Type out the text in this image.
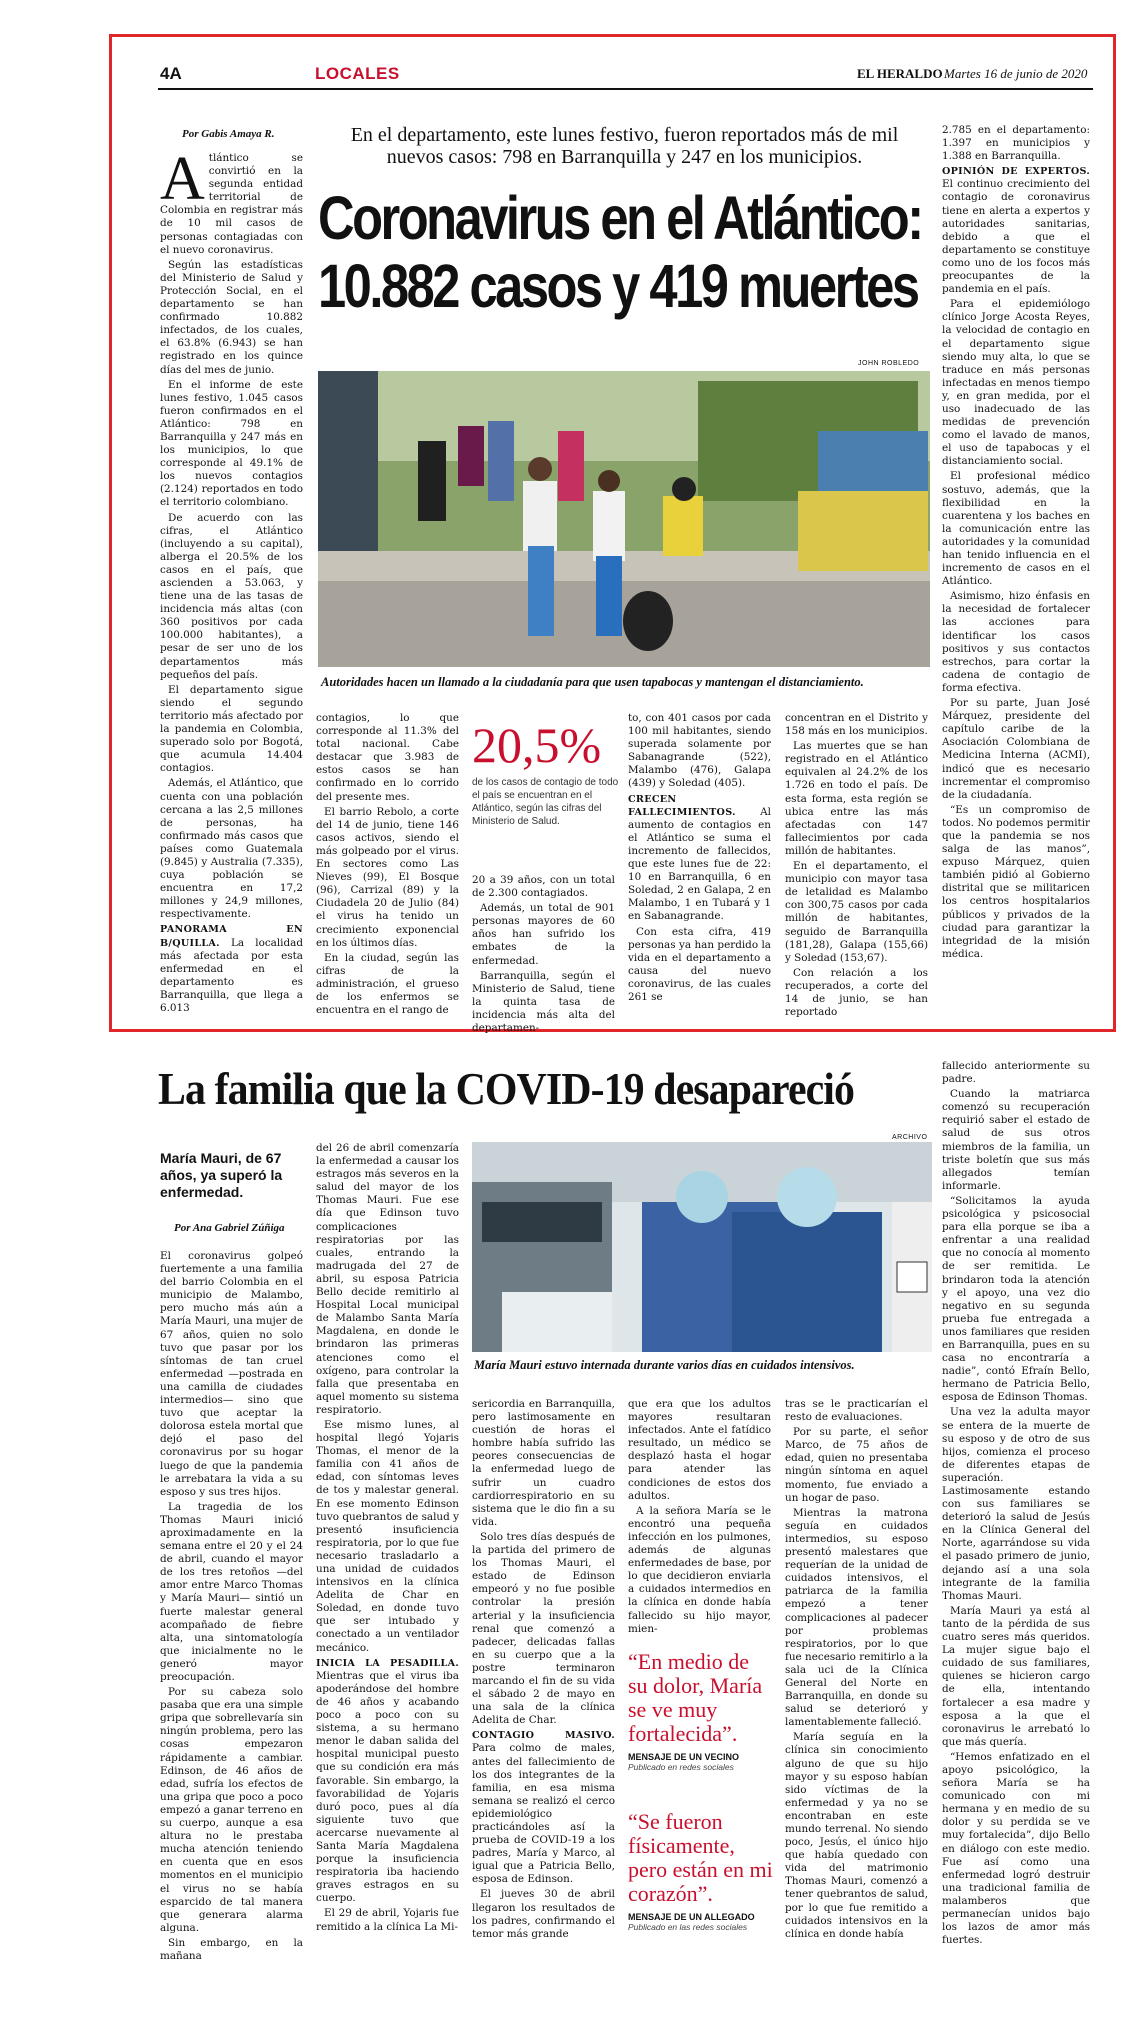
4A	LOCALES	EL HERALDO Martes 16 de junio de 2020
Por Gabis Amaya R.	En el departamento, este lunes festivo, fueron reportados más de mil nuevos casos: 798 en Barranquilla y 247 en los municipios.
Coronavirus en el Atlántico:
10.882 casos y 419 muertes

Atlántico se convirtió en la segunda entidad territorial de Colombia en registrar más de 10 mil casos de personas contagiadas con el nuevo coronavirus.

Según las estadísticas del Ministerio de Salud y Protección Social, en el departamento se han confirmado 10.882 infectados, de los cuales, el 63.8% (6.943) se han registrado en los quince días del mes de junio.

En el informe de este lunes festivo, 1.045 casos fueron confirmados en el Atlántico: 798 en Barranquilla y 247 más en los municipios, lo que corresponde al 49.1% de los nuevos contagios (2.124) reportados en todo el territorio colombiano.

De acuerdo con las cifras, el Atlántico (incluyendo a su capital), alberga el 20.5% de los casos en el país, que ascienden a 53.063, y tiene una de las tasas de incidencia más altas (con 360 positivos por cada 100.000 habitantes), a pesar de ser uno de los departamentos más pequeños del país.

El departamento sigue siendo el segundo territorio más afectado por la pandemia en Colombia, superado solo por Bogotá, que acumula 14.404 contagios.

Además, el Atlántico, que cuenta con una población cercana a las 2,5 millones de personas, ha confirmado más casos que países como Guatemala (9.845) y Australia (7.335), cuya población se encuentra en 17,2 millones y 24,9 millones, respectivamente.

PANORAMA EN B/QUILLA. La localidad más afectada por esta enfermedad en el departamento es Barranquilla, que llega a 6.013

JOHN ROBLEDO
Autoridades hacen un llamado a la ciudadanía para que usen tapabocas y mantengan el distanciamiento.

contagios, lo que corresponde al 11.3% del total nacional. Cabe destacar que 3.983 de estos casos se han confirmado en lo corrido del presente mes.

El barrio Rebolo, a corte del 14 de junio, tiene 146 casos activos, siendo el más golpeado por el virus. En sectores como Las Nieves (99), El Bosque (96), Carrizal (89) y la Ciudadela 20 de Julio (84) el virus ha tenido un crecimiento exponencial en los últimos días.

En la ciudad, según las cifras de la administración, el grueso de los enfermos se encuentra en el rango de

20,5%
de los casos de contagio de todo el país se encuentran en el Atlántico, según las cifras del Ministerio de Salud.

20 a 39 años, con un total de 2.300 contagiados.

Además, un total de 901 personas mayores de 60 años han sufrido los embates de la enfermedad.

Barranquilla, según el Ministerio de Salud, tiene la quinta tasa de incidencia más alta del departamen-

to, con 401 casos por cada 100 mil habitantes, siendo superada solamente por Sabanagrande (522), Malambo (476), Galapa (439) y Soledad (405).

CRECEN FALLECIMIENTOS. Al aumento de contagios en el Atlántico se suma el incremento de fallecidos, que este lunes fue de 22: 10 en Barranquilla, 6 en Soledad, 2 en Galapa, 2 en Malambo, 1 en Tubará y 1 en Sabanagrande.

Con esta cifra, 419 personas ya han perdido la vida en el departamento a causa del nuevo coronavirus, de las cuales 261 se

concentran en el Distrito y 158 más en los municipios.

Las muertes que se han registrado en el Atlántico equivalen al 24.2% de los 1.726 en todo el país. De esta forma, esta región se ubica entre las más afectadas con 147 fallecimientos por cada millón de habitantes.

En el departamento, el municipio con mayor tasa de letalidad es Malambo con 300,75 casos por cada millón de habitantes, seguido de Barranquilla (181,28), Galapa (155,66) y Soledad (153,67).

Con relación a los recuperados, a corte del 14 de junio, se han reportado

2.785 en el departamento: 1.397 en municipios y 1.388 en Barranquilla.

OPINIÓN DE EXPERTOS. El continuo crecimiento del contagio de coronavirus tiene en alerta a expertos y autoridades sanitarias, debido a que el departamento se constituye como uno de los focos más preocupantes de la pandemia en el país.

Para el epidemiólogo clínico Jorge Acosta Reyes, la velocidad de contagio en el departamento sigue siendo muy alta, lo que se traduce en más personas infectadas en menos tiempo y, en gran medida, por el uso inadecuado de las medidas de prevención como el lavado de manos, el uso de tapabocas y el distanciamiento social.

El profesional médico sostuvo, además, que la flexibilidad en la cuarentena y los baches en la comunicación entre las autoridades y la comunidad han tenido influencia en el incremento de casos en el Atlántico.

Asimismo, hizo énfasis en la necesidad de fortalecer las acciones para identificar los casos positivos y sus contactos estrechos, para cortar la cadena de contagio de forma efectiva.

Por su parte, Juan José Márquez, presidente del capítulo caribe de la Asociación Colombiana de Medicina Interna (ACMI), indicó que es necesario incrementar el compromiso de la ciudadanía.

“Es un compromiso de todos. No podemos permitir que la pandemia se nos salga de las manos”, expuso Márquez, quien también pidió al Gobierno distrital que se militaricen los centros hospitalarios públicos y privados de la ciudad para garantizar la integridad de la misión médica.

La familia que la COVID-19 desapareció
María Mauri, de 67 años, ya superó la enfermedad.
Por Ana Gabriel Zúñiga

El coronavirus golpeó fuertemente a una familia del barrio Colombia en el municipio de Malambo, pero mucho más aún a María Mauri, una mujer de 67 años, quien no solo tuvo que pasar por los síntomas de tan cruel enfermedad —postrada en una camilla de ciudades intermedios— sino que tuvo que aceptar la dolorosa estela mortal que dejó el paso del coronavirus por su hogar luego de que la pandemia le arrebatara la vida a su esposo y sus tres hijos.

La tragedia de los Thomas Mauri inició aproximadamente en la semana entre el 20 y el 24 de abril, cuando el mayor de los tres retoños —del amor entre Marco Thomas y María Mauri— sintió un fuerte malestar general acompañado de fiebre alta, una sintomatología que inicialmente no le generó mayor preocupación.

Por su cabeza solo pasaba que era una simple gripa que sobrellevaría sin ningún problema, pero las cosas empezaron rápidamente a cambiar. Edinson, de 46 años de edad, sufría los efectos de una gripa que poco a poco empezó a ganar terreno en su cuerpo, aunque a esa altura no le prestaba mucha atención teniendo en cuenta que en esos momentos en el municipio el virus no se había esparcido de tal manera que generara alarma alguna.

Sin embargo, en la mañana

del 26 de abril comenzaría la enfermedad a causar los estragos más severos en la salud del mayor de los Thomas Mauri. Fue ese día que Edinson tuvo complicaciones respiratorias por las cuales, entrando la madrugada del 27 de abril, su esposa Patricia Bello decide remitirlo al Hospital Local municipal de Malambo Santa María Magdalena, en donde le brindaron las primeras atenciones como el oxígeno, para controlar la falla que presentaba en aquel momento su sistema respiratorio.

Ese mismo lunes, al hospital llegó Yojaris Thomas, el menor de la familia con 41 años de edad, con síntomas leves de tos y malestar general. En ese momento Edinson tuvo quebrantos de salud y presentó insuficiencia respiratoria, por lo que fue necesario trasladarlo a una unidad de cuidados intensivos en la clínica Adelita de Char en Soledad, en donde tuvo que ser intubado y conectado a un ventilador mecánico.

INICIA LA PESADILLA. Mientras que el virus iba apoderándose del hombre de 46 años y acabando poco a poco con su sistema, a su hermano menor le daban salida del hospital municipal puesto que su condición era más favorable. Sin embargo, la favorabilidad de Yojaris duró poco, pues al día siguiente tuvo que acercarse nuevamente al Santa María Magdalena porque la insuficiencia respiratoria iba haciendo graves estragos en su cuerpo.

El 29 de abril, Yojaris fue remitido a la clínica La Mi-

ARCHIVO
María Mauri estuvo internada durante varios días en cuidados intensivos.

sericordia en Barranquilla, pero lastimosamente en cuestión de horas el hombre había sufrido las peores consecuencias de la enfermedad luego de sufrir un cuadro cardiorrespiratorio en su sistema que le dio fin a su vida.

Solo tres días después de la partida del primero de los Thomas Mauri, el estado de Edinson empeoró y no fue posible controlar la presión arterial y la insuficiencia renal que comenzó a padecer, delicadas fallas en su cuerpo que a la postre terminaron marcando el fin de su vida el sábado 2 de mayo en una sala de la clínica Adelita de Char.

CONTAGIO MASIVO. Para colmo de males, antes del fallecimiento de los dos integrantes de la familia, en esa misma semana se realizó el cerco epidemiológico practicándoles así la prueba de COVID-19 a los padres, María y Marco, al igual que a Patricia Bello, esposa de Edinson.

El jueves 30 de abril llegaron los resultados de los padres, confirmando el temor más grande

que era que los adultos mayores resultaran infectados. Ante el fatídico resultado, un médico se desplazó hasta el hogar para atender las condiciones de estos dos adultos.

A la señora María se le encontró una pequeña infección en los pulmones, además de algunas enfermedades de base, por lo que decidieron enviarla a cuidados intermedios en la clínica en donde había fallecido su hijo mayor, mien-

“En medio de su dolor, María se ve muy fortalecida”.
MENSAJE DE UN VECINO
Publicado en redes sociales
“Se fueron físicamente, pero están en mi corazón”.
MENSAJE DE UN ALLEGADO
Publicado en las redes sociales

tras se le practicarían el resto de evaluaciones.

Por su parte, el señor Marco, de 75 años de edad, quien no presentaba ningún síntoma en aquel momento, fue enviado a un hogar de paso.

Mientras la matrona seguía en cuidados intermedios, su esposo presentó malestares que requerían de la unidad de cuidados intensivos, el patriarca de la familia empezó a tener complicaciones al padecer por problemas respiratorios, por lo que fue necesario remitirlo a la sala uci de la Clínica General del Norte en Barranquilla, en donde su salud se deterioró y lamentablemente falleció.

María seguía en la clínica sin conocimiento alguno de que su hijo mayor y su esposo habían sido víctimas de la enfermedad y ya no se encontraban en este mundo terrenal. No siendo poco, Jesús, el único hijo que había quedado con vida del matrimonio Thomas Mauri, comenzó a tener quebrantos de salud, por lo que fue remitido a cuidados intensivos en la clínica en donde había

fallecido anteriormente su padre.

Cuando la matriarca comenzó su recuperación requirió saber el estado de salud de sus otros miembros de la familia, un triste boletín que sus más allegados temían informarle.

“Solicitamos la ayuda psicológica y psicosocial para ella porque se iba a enfrentar a una realidad que no conocía al momento de ser remitida. Le brindaron toda la atención y el apoyo, una vez dio negativo en su segunda prueba fue entregada a unos familiares que residen en Barranquilla, pues en su casa no encontraría a nadie”, contó Efraín Bello, hermano de Patricia Bello, esposa de Edinson Thomas.

Una vez la adulta mayor se entera de la muerte de su esposo y de otro de sus hijos, comienza el proceso de diferentes etapas de superación. Lastimosamente estando con sus familiares se deterioró la salud de Jesús en la Clínica General del Norte, agarrándose su vida el pasado primero de junio, dejando así a una sola integrante de la familia Thomas Mauri.

María Mauri ya está al tanto de la pérdida de sus cuatro seres más queridos. La mujer sigue bajo el cuidado de sus familiares, quienes se hicieron cargo de ella, intentando fortalecer a esa madre y esposa a la que el coronavirus le arrebató lo que más quería.

“Hemos enfatizado en el apoyo psicológico, la señora María se ha comunicado con mi hermana y en medio de su dolor y su perdida se ve muy fortalecida”, dijo Bello en diálogo con este medio. Fue así como una enfermedad logró destruir una tradicional familia de malamberos que permanecían unidos bajo los lazos de amor más fuertes.
